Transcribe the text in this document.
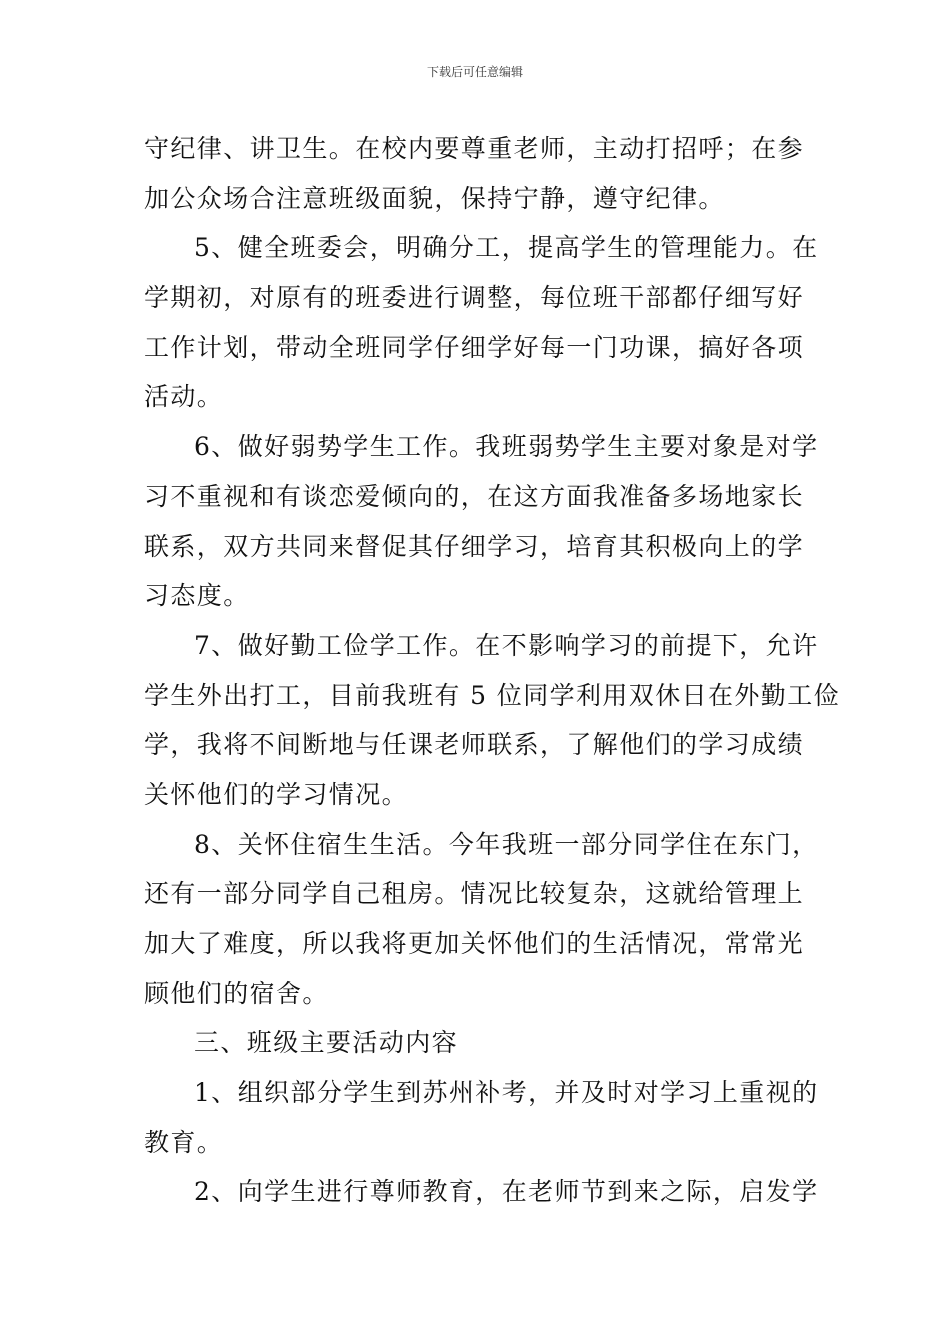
下载后可任意编辑
守纪律、讲卫生。在校内要尊重老师，主动打招呼；在参
加公众场合注意班级面貌，保持宁静，遵守纪律。
5、健全班委会，明确分工，提高学生的管理能力。在
学期初，对原有的班委进行调整，每位班干部都仔细写好
工作计划，带动全班同学仔细学好每一门功课，搞好各项
活动。
6、做好弱势学生工作。我班弱势学生主要对象是对学
习不重视和有谈恋爱倾向的，在这方面我准备多场地家长
联系，双方共同来督促其仔细学习，培育其积极向上的学
习态度。
7、做好勤工俭学工作。在不影响学习的前提下，允许
学生外出打工，目前我班有 5 位同学利用双休日在外勤工俭
学，我将不间断地与任课老师联系，了解他们的学习成绩
关怀他们的学习情况。
8、关怀住宿生生活。今年我班一部分同学住在东门，
还有一部分同学自己租房。情况比较复杂，这就给管理上
加大了难度，所以我将更加关怀他们的生活情况，常常光
顾他们的宿舍。
三、班级主要活动内容
1、组织部分学生到苏州补考，并及时对学习上重视的
教育。
2、向学生进行尊师教育，在老师节到来之际，启发学
